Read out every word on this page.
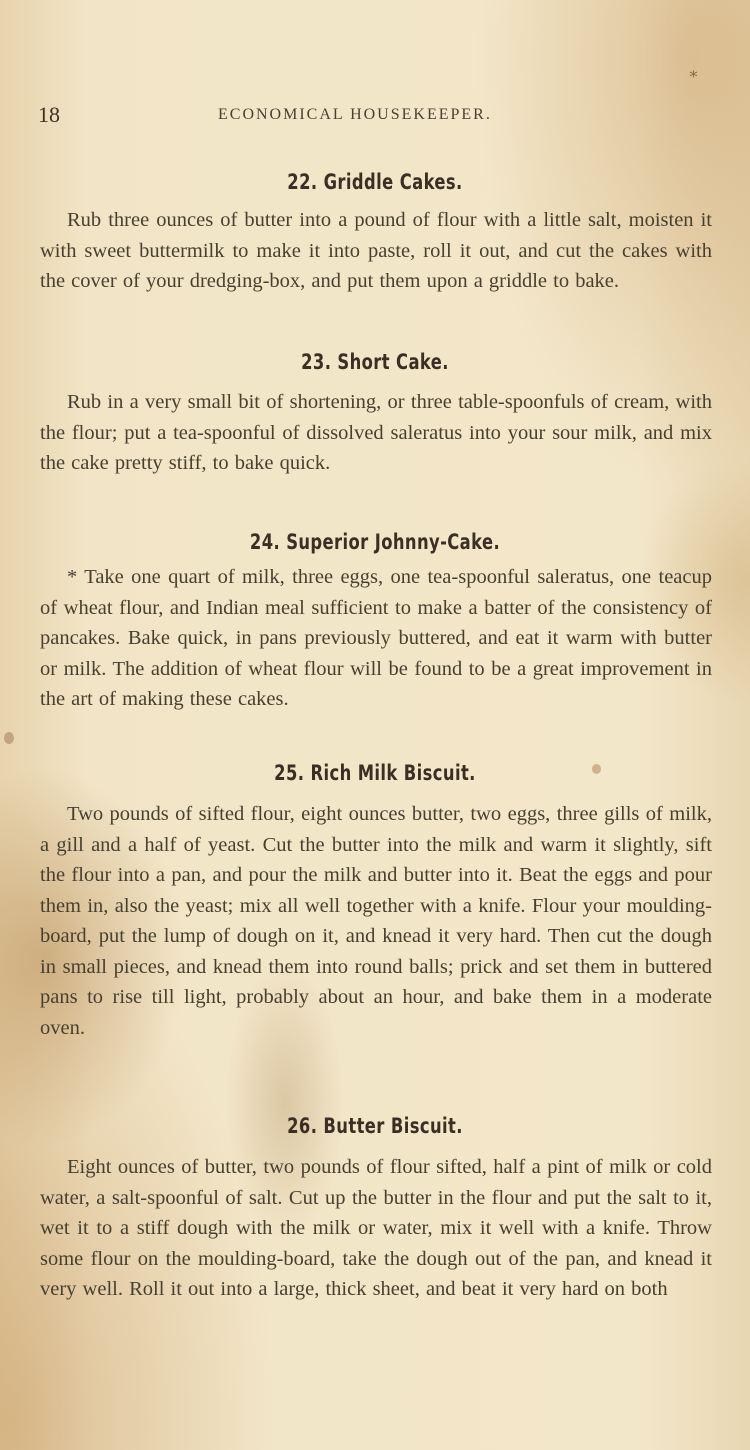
∗
18	ECONOMICAL HOUSEKEEPER.
22. Griddle Cakes.
Rub three ounces of butter into a pound of flour with a little salt, moisten it with sweet buttermilk to make it into paste, roll it out, and cut the cakes with the cover of your dredging-box, and put them upon a griddle to bake.
23. Short Cake.
Rub in a very small bit of shortening, or three table-spoonfuls of cream, with the flour; put a tea-spoonful of dissolved saleratus into your sour milk, and mix the cake pretty stiff, to bake quick.
24. Superior Johnny-Cake.
* Take one quart of milk, three eggs, one tea-spoonful saleratus, one teacup of wheat flour, and Indian meal sufficient to make a batter of the consistency of pancakes. Bake quick, in pans previously buttered, and eat it warm with butter or milk. The addition of wheat flour will be found to be a great improvement in the art of making these cakes.
25. Rich Milk Biscuit.
Two pounds of sifted flour, eight ounces butter, two eggs, three gills of milk, a gill and a half of yeast. Cut the butter into the milk and warm it slightly, sift the flour into a pan, and pour the milk and butter into it. Beat the eggs and pour them in, also the yeast; mix all well together with a knife. Flour your moulding-board, put the lump of dough on it, and knead it very hard. Then cut the dough in small pieces, and knead them into round balls; prick and set them in buttered pans to rise till light, probably about an hour, and bake them in a moderate oven.
26. Butter Biscuit.
Eight ounces of butter, two pounds of flour sifted, half a pint of milk or cold water, a salt-spoonful of salt. Cut up the butter in the flour and put the salt to it, wet it to a stiff dough with the milk or water, mix it well with a knife. Throw some flour on the moulding-board, take the dough out of the pan, and knead it very well. Roll it out into a large, thick sheet, and beat it very hard on both
